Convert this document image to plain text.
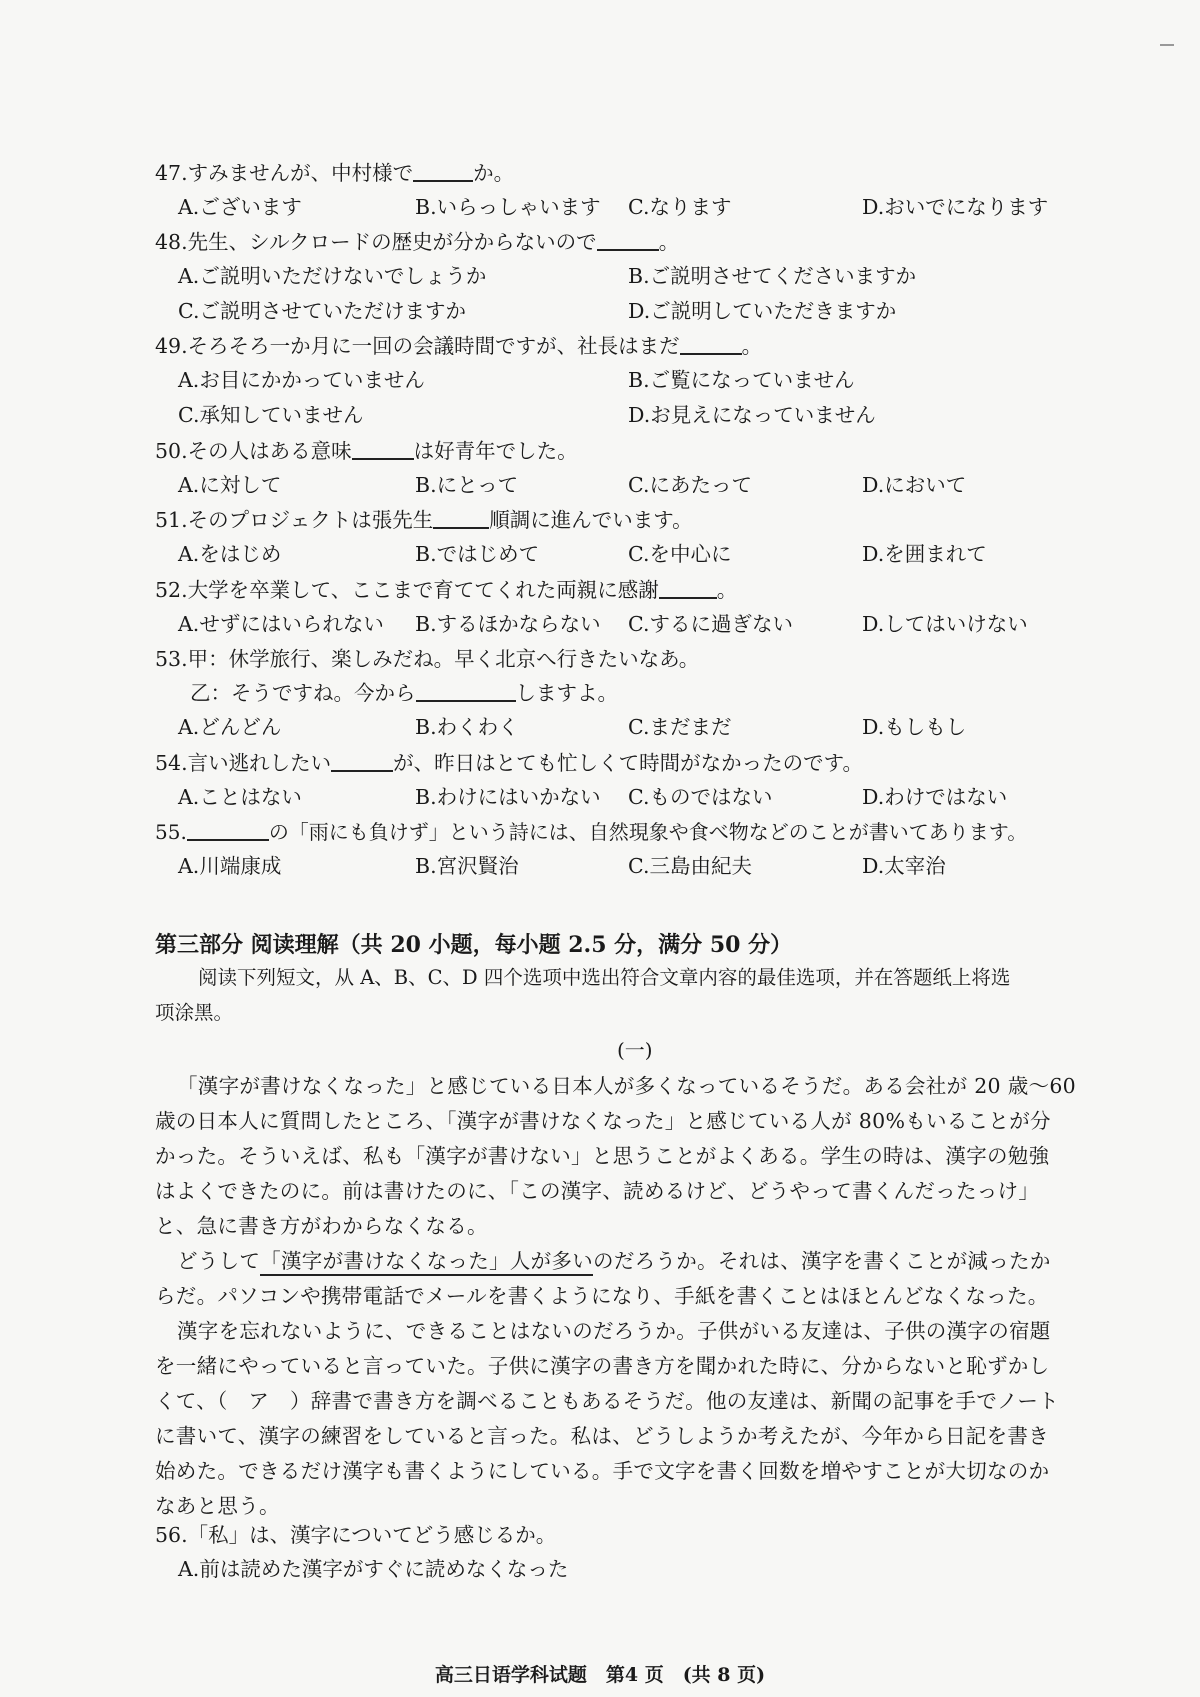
47.すみませんが、中村様で	か。
A.ございます	B.いらっしゃいます C.なります	D.おいでになります
48.先生、シルクロードの歴史が分からないので	。
A.ご説明いただけないでしょうか	B.ご説明させてくださいますか
C.ご説明させていただけますか	D.ご説明していただきますか
49.そろそろ一か月に一回の会議時間ですが、社長はまだ	。
A.お目にかかっていません	B.ご覧になっていません
C.承知していません	D.お見えになっていません
50.その人はある意味	は好青年でした。
A.に対して	B.にとって	C.にあたって	D.において
51.そのプロジェクトは張先生	順調に進んでいます。
A.をはじめ	B.ではじめて	C.を中心に	D.を囲まれて
52.大学を卒業して、ここまで育ててくれた両親に感謝	。
A.せずにはいられない B.するほかならない C.するに過ぎない	D.してはいけない
53.甲：休学旅行、楽しみだね。早く北京へ行きたいなあ。
乙：そうですね。今から	しますよ。
A.どんどん	B.わくわく	C.まだまだ	D.もしもし
54.言い逃れしたい	が、昨日はとても忙しくて時間がなかったのです。
A.ことはない	B.わけにはいかない C.ものではない	D.わけではない
55.	の「雨にも負けず」という詩には、自然現象や食べ物などのことが書いてあります。
A.川端康成	B.宮沢賢治	C.三島由紀夫	D.太宰治
第三部分 阅读理解（共 20 小题，每小题 2.5 分，满分 50 分）
阅读下列短文，从 A、B、C、D 四个选项中选出符合文章内容的最佳选项，并在答题纸上将选
项涂黑。
(一)
「漢字が書けなくなった」と感じている日本人が多くなっているそうだ。ある会社が 20 歳～60
歳の日本人に質問したところ、「漢字が書けなくなった」と感じている人が 80%もいることが分
かった。そういえば、私も「漢字が書けない」と思うことがよくある。学生の時は、漢字の勉強
はよくできたのに。前は書けたのに、「この漢字、読めるけど、どうやって書くんだったっけ」
と、急に書き方がわからなくなる。
どうして「漢字が書けなくなった」人が多いのだろうか。それは、漢字を書くことが減ったか
らだ。パソコンや携帯電話でメールを書くようになり、手紙を書くことはほとんどなくなった。
漢字を忘れないように、できることはないのだろうか。子供がいる友達は、子供の漢字の宿題
を一緒にやっていると言っていた。子供に漢字の書き方を聞かれた時に、分からないと恥ずかし
くて、（　ア　）辞書で書き方を調べることもあるそうだ。他の友達は、新聞の記事を手でノート
に書いて、漢字の練習をしていると言った。私は、どうしようか考えたが、今年から日記を書き
始めた。できるだけ漢字も書くようにしている。手で文字を書く回数を増やすことが大切なのか
なあと思う。
56.「私」は、漢字についてどう感じるか。
A.前は読めた漢字がすぐに読めなくなった
高三日语学科试题　第4 页　(共 8 页)
